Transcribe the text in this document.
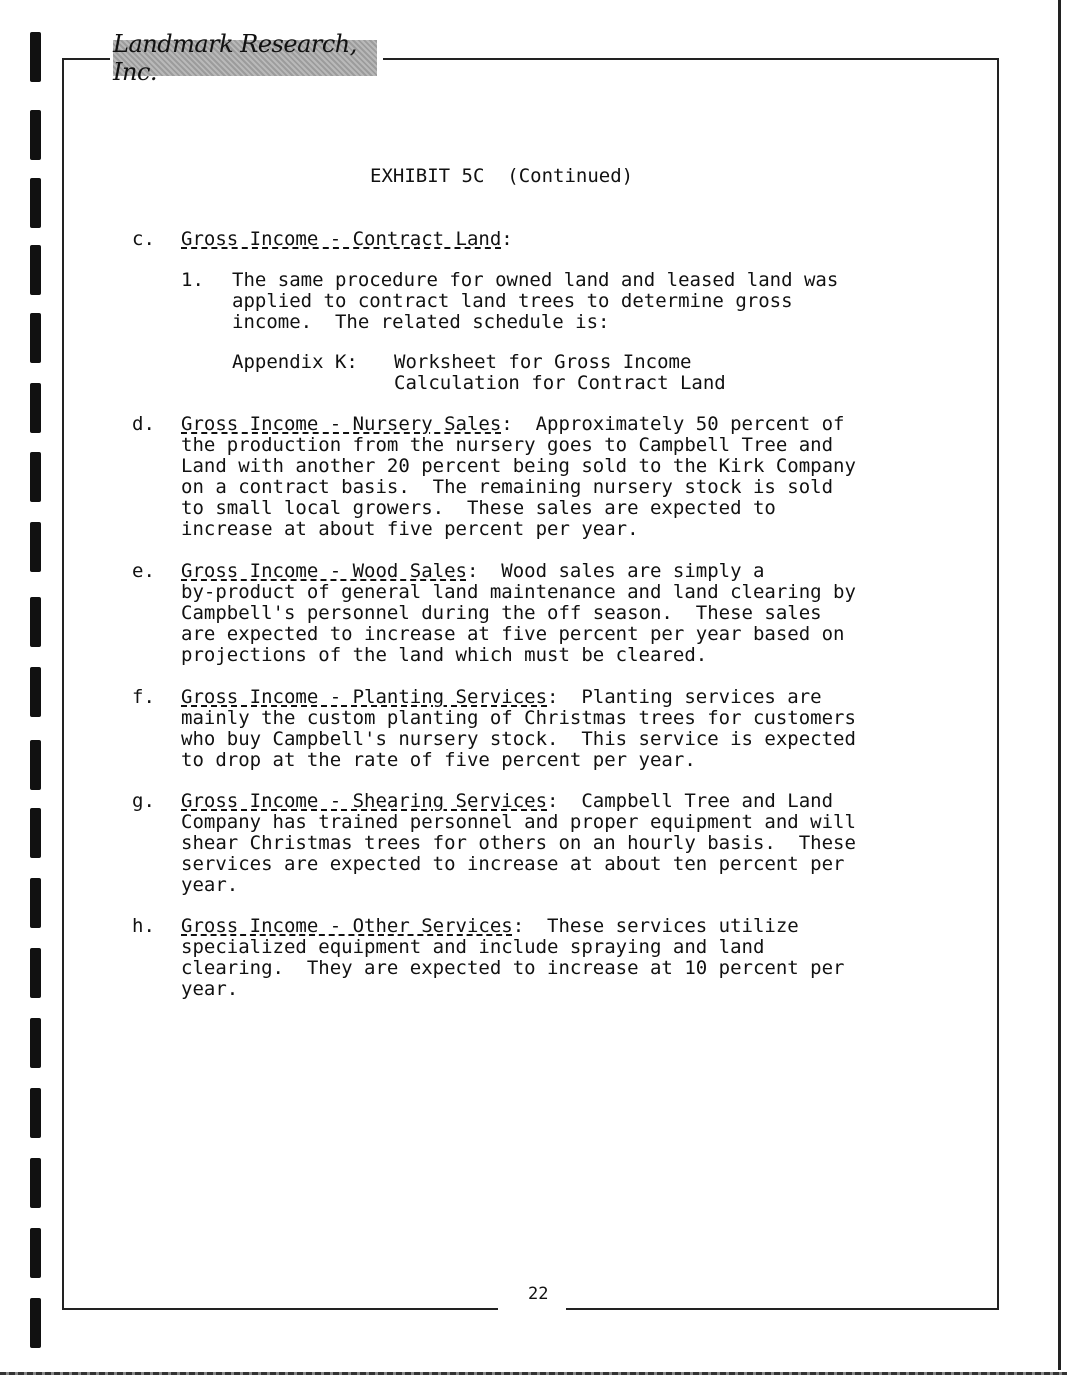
Landmark Research, Inc.
EXHIBIT 5C  (Continued)
c. Gross Income - Contract Land:
1. The same procedure for owned land and leased land was
applied to contract land trees to determine gross
income.  The related schedule is:
Appendix K: Worksheet for Gross Income
Calculation for Contract Land
d. Gross Income - Nursery Sales:  Approximately 50 percent of
the production from the nursery goes to Campbell Tree and
Land with another 20 percent being sold to the Kirk Company
on a contract basis.  The remaining nursery stock is sold
to small local growers.  These sales are expected to
increase at about five percent per year.
e. Gross Income - Wood Sales:  Wood sales are simply a
by-product of general land maintenance and land clearing by
Campbell's personnel during the off season.  These sales
are expected to increase at five percent per year based on
projections of the land which must be cleared.
f. Gross Income - Planting Services:  Planting services are
mainly the custom planting of Christmas trees for customers
who buy Campbell's nursery stock.  This service is expected
to drop at the rate of five percent per year.
g. Gross Income - Shearing Services:  Campbell Tree and Land
Company has trained personnel and proper equipment and will
shear Christmas trees for others on an hourly basis.  These
services are expected to increase at about ten percent per
year.
h. Gross Income - Other Services:  These services utilize
specialized equipment and include spraying and land
clearing.  They are expected to increase at 10 percent per
year.
22
